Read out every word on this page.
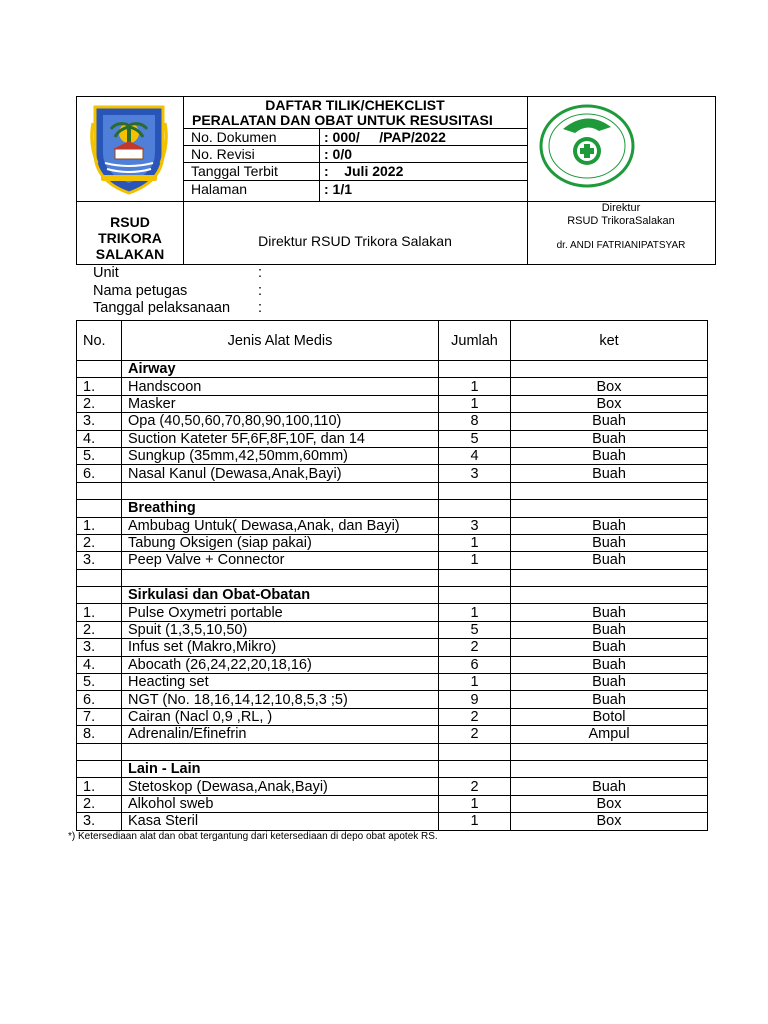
DAFTAR TILIK/CHEKCLIST
PERALATAN DAN OBAT UNTUK RESUSITASI
No. Dokumen	: 000/     /PAP/2022
No. Revisi	: 0/0
Tanggal Terbit	:    Juli 2022
Halaman	: 1/1
RSUD
TRIKORA
SALAKAN
Direktur RSUD Trikora Salakan
Direktur
RSUD TrikoraSalakan
dr. ANDI FATRIANIPATSYAR
Unit	:
Nama petugas	:
Tanggal pelaksanaan :
No.	Jenis Alat Medis	Jumlah	ket
	Airway		
1.	Handscoon	1	Box
2.	Masker	1	Box
3.	Opa (40,50,60,70,80,90,100,110)	8	Buah
4.	Suction Kateter 5F,6F,8F,10F, dan 14	5	Buah
5.	Sungkup (35mm,42,50mm,60mm)	4	Buah
6.	Nasal Kanul (Dewasa,Anak,Bayi)	3	Buah

	Breathing		
1.	Ambubag Untuk( Dewasa,Anak, dan Bayi)	3	Buah
2.	Tabung Oksigen (siap pakai)	1	Buah
3.	Peep Valve + Connector	1	Buah

	Sirkulasi dan Obat-Obatan		
1.	Pulse Oxymetri portable	1	Buah
2.	Spuit (1,3,5,10,50)	5	Buah
3.	Infus set (Makro,Mikro)	2	Buah
4.	Abocath (26,24,22,20,18,16)	6	Buah
5.	Heacting set	1	Buah
6.	NGT (No. 18,16,14,12,10,8,5,3 ;5)	9	Buah
7.	Cairan (Nacl 0,9 ,RL, )	2	Botol
8.	Adrenalin/Efinefrin	2	Ampul

	Lain - Lain		
1.	Stetoskop (Dewasa,Anak,Bayi)	2	Buah
2.	Alkohol sweb	1	Box
3.	Kasa Steril	1	Box
*) Ketersediaan alat dan obat tergantung dari ketersediaan di depo obat apotek RS.
